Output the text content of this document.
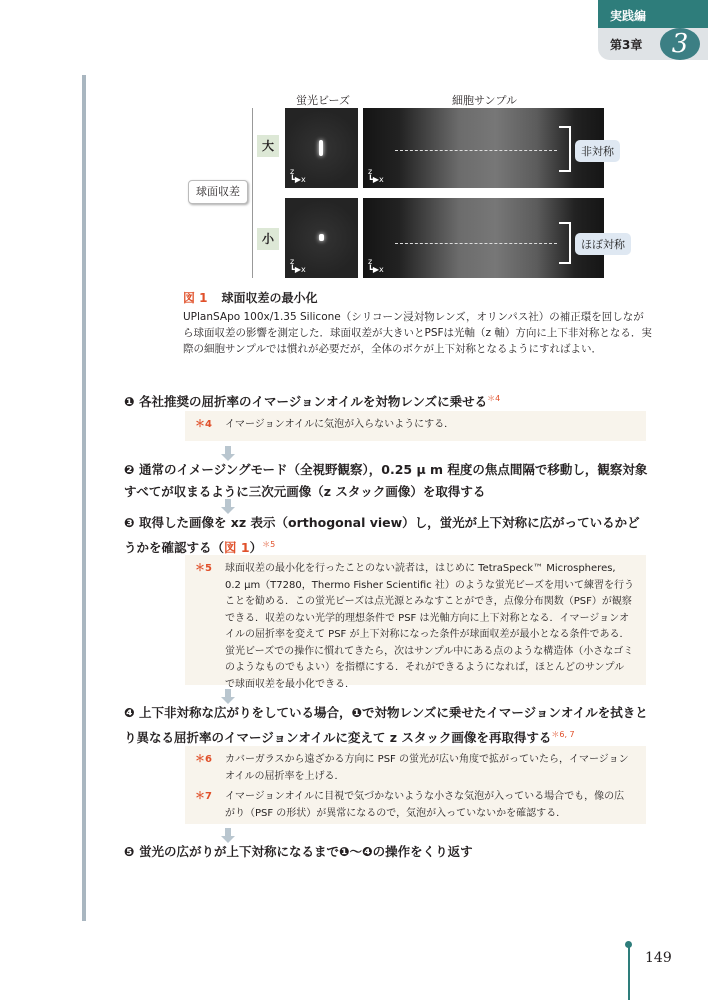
実践編
第3章	3
蛍光ビーズ	細胞サンプル
球面収差
大
小
z
┗▶x
z
┗▶x
z
┗▶x
z
┗▶x
非対称
ほぼ対称
図 1 球面収差の最小化
UPlanSApo 100x/1.35 Silicone（シリコーン浸対物レンズ，オリンパス社）の補正環を回しながら球面収差の影響を測定した．球面収差が大きいとPSFは光軸（z 軸）方向に上下非対称となる．実際の細胞サンプルでは慣れが必要だが，全体のボケが上下対称となるようにすればよい．
❶ 各社推奨の屈折率のイマージョンオイルを対物レンズに乗せる$^{*4}$
＊4	イマージョンオイルに気泡が入らないようにする．
❷ 通常のイメージングモード（全視野観察），0.25 μ m 程度の焦点間隔で移動し，観察対象すべてが収まるように三次元画像（z スタック画像）を取得する
❸ 取得した画像を xz 表示（orthogonal view）し，蛍光が上下対称に広がっているかどうかを確認する（図 1）$^{*5}$
＊5	球面収差の最小化を行ったことのない読者は，はじめに TetraSpeck™ Microspheres, 0.2 μm（T7280，Thermo Fisher Scientific 社）のような蛍光ビーズを用いて練習を行うことを勧める．この蛍光ビーズは点光源とみなすことができ，点像分布関数（PSF）が観察できる．収差のない光学的理想条件で PSF は光軸方向に上下対称となる．イマージョンオイルの屈折率を変えて PSF が上下対称になった条件が球面収差が最小となる条件である．蛍光ビーズでの操作に慣れてきたら，次はサンプル中にある点のような構造体（小さなゴミのようなものでもよい）を指標にする．それができるようになれば，ほとんどのサンプルで球面収差を最小化できる．
❹ 上下非対称な広がりをしている場合，❶で対物レンズに乗せたイマージョンオイルを拭きとり異なる屈折率のイマージョンオイルに変えて z スタック画像を再取得する$^{*6, 7}$
＊6	カバーガラスから遠ざかる方向に PSF の蛍光が広い角度で拡がっていたら，イマージョンオイルの屈折率を上げる．
＊7	イマージョンオイルに目視で気づかないような小さな気泡が入っている場合でも，像の広がり（PSF の形状）が異常になるので，気泡が入っていないかを確認する．
❺ 蛍光の広がりが上下対称になるまで❶〜❹の操作をくり返す
149
